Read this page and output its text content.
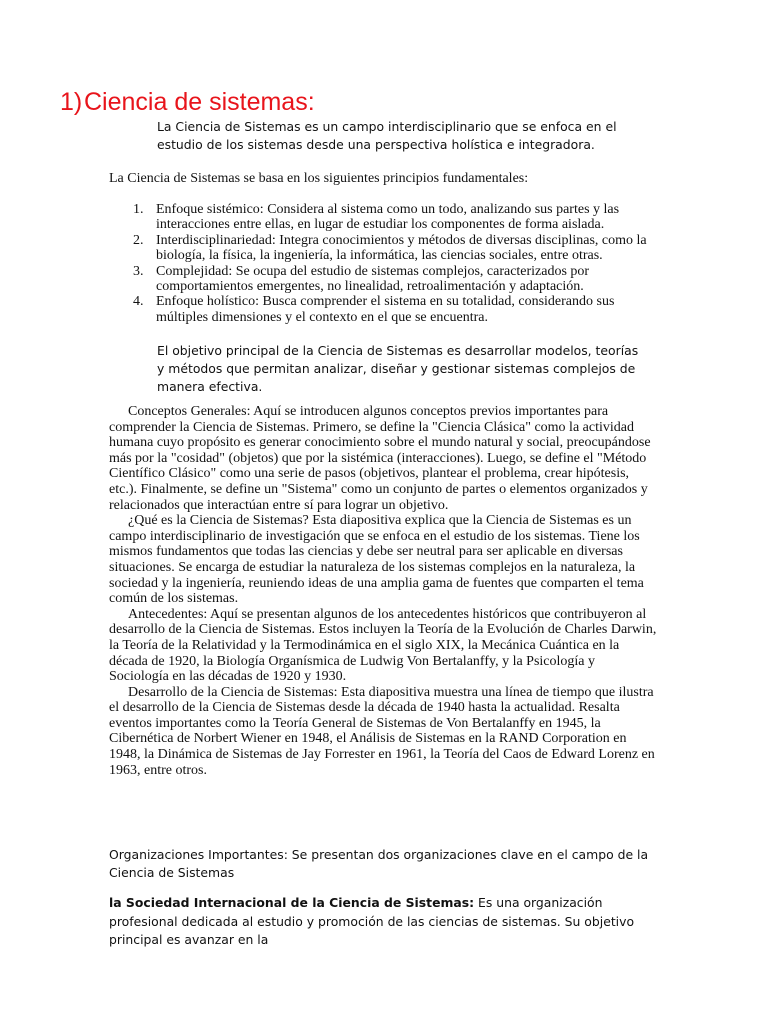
1) Ciencia de sistemas:
La Ciencia de Sistemas es un campo interdisciplinario que se enfoca en el estudio de los sistemas desde una perspectiva holística e integradora.
La Ciencia de Sistemas se basa en los siguientes principios fundamentales:
1. Enfoque sistémico: Considera al sistema como un todo, analizando sus partes y las interacciones entre ellas, en lugar de estudiar los componentes de forma aislada.
2. Interdisciplinariedad: Integra conocimientos y métodos de diversas disciplinas, como la biología, la física, la ingeniería, la informática, las ciencias sociales, entre otras.
3. Complejidad: Se ocupa del estudio de sistemas complejos, caracterizados por comportamientos emergentes, no linealidad, retroalimentación y adaptación.
4. Enfoque holístico: Busca comprender el sistema en su totalidad, considerando sus múltiples dimensiones y el contexto en el que se encuentra.
El objetivo principal de la Ciencia de Sistemas es desarrollar modelos, teorías y métodos que permitan analizar, diseñar y gestionar sistemas complejos de manera efectiva.

Conceptos Generales: Aquí se introducen algunos conceptos previos importantes para comprender la Ciencia de Sistemas. Primero, se define la "Ciencia Clásica" como la actividad humana cuyo propósito es generar conocimiento sobre el mundo natural y social, preocupándose más por la "cosidad" (objetos) que por la sistémica (interacciones). Luego, se define el "Método Científico Clásico" como una serie de pasos (objetivos, plantear el problema, crear hipótesis, etc.). Finalmente, se define un "Sistema" como un conjunto de partes o elementos organizados y relacionados que interactúan entre sí para lograr un objetivo.

¿Qué es la Ciencia de Sistemas? Esta diapositiva explica que la Ciencia de Sistemas es un campo interdisciplinario de investigación que se enfoca en el estudio de los sistemas. Tiene los mismos fundamentos que todas las ciencias y debe ser neutral para ser aplicable en diversas situaciones. Se encarga de estudiar la naturaleza de los sistemas complejos en la naturaleza, la sociedad y la ingeniería, reuniendo ideas de una amplia gama de fuentes que comparten el tema común de los sistemas.

Antecedentes: Aquí se presentan algunos de los antecedentes históricos que contribuyeron al desarrollo de la Ciencia de Sistemas. Estos incluyen la Teoría de la Evolución de Charles Darwin, la Teoría de la Relatividad y la Termodinámica en el siglo XIX, la Mecánica Cuántica en la década de 1920, la Biología Organísmica de Ludwig Von Bertalanffy, y la Psicología y Sociología en las décadas de 1920 y 1930.

Desarrollo de la Ciencia de Sistemas: Esta diapositiva muestra una línea de tiempo que ilustra el desarrollo de la Ciencia de Sistemas desde la década de 1940 hasta la actualidad. Resalta eventos importantes como la Teoría General de Sistemas de Von Bertalanffy en 1945, la Cibernética de Norbert Wiener en 1948, el Análisis de Sistemas en la RAND Corporation en 1948, la Dinámica de Sistemas de Jay Forrester en 1961, la Teoría del Caos de Edward Lorenz en 1963, entre otros.

Organizaciones Importantes: Se presentan dos organizaciones clave en el campo de la Ciencia de Sistemas
la Sociedad Internacional de la Ciencia de Sistemas: Es una organización profesional dedicada al estudio y promoción de las ciencias de sistemas. Su objetivo principal es avanzar en la
